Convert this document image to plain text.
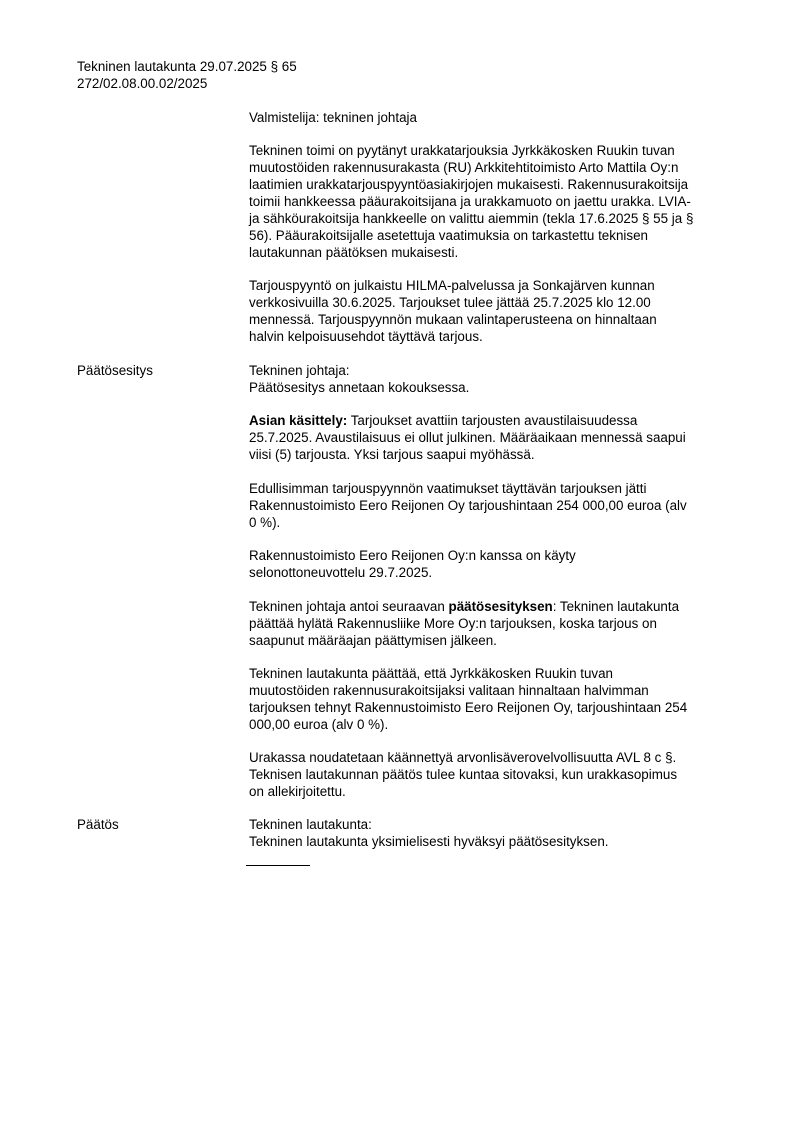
Tekninen lautakunta 29.07.2025 § 65
272/02.08.00.02/2025
Valmistelija: tekninen johtaja
Tekninen toimi on pyytänyt urakkatarjouksia Jyrkkäkosken Ruukin tuvan
muutostöiden rakennusurakasta (RU) Arkkitehtitoimisto Arto Mattila Oy:n
laatimien urakkatarjouspyyntöasiakirjojen mukaisesti. Rakennusurakoitsija
toimii hankkeessa pääurakoitsijana ja urakkamuoto on jaettu urakka. LVIA-
ja sähköurakoitsija hankkeelle on valittu aiemmin (tekla 17.6.2025 § 55 ja §
56). Pääurakoitsijalle asetettuja vaatimuksia on tarkastettu teknisen
lautakunnan päätöksen mukaisesti.
Tarjouspyyntö on julkaistu HILMA-palvelussa ja Sonkajärven kunnan
verkkosivuilla 30.6.2025. Tarjoukset tulee jättää 25.7.2025 klo 12.00
mennessä. Tarjouspyynnön mukaan valintaperusteena on hinnaltaan
halvin kelpoisuusehdot täyttävä tarjous.
Päätösesitys	Tekninen johtaja:
Päätösesitys annetaan kokouksessa.
Asian käsittely: Tarjoukset avattiin tarjousten avaustilaisuudessa
25.7.2025. Avaustilaisuus ei ollut julkinen. Määräaikaan mennessä saapui
viisi (5) tarjousta. Yksi tarjous saapui myöhässä.
Edullisimman tarjouspyynnön vaatimukset täyttävän tarjouksen jätti
Rakennustoimisto Eero Reijonen Oy tarjoushintaan 254 000,00 euroa (alv
0 %).
Rakennustoimisto Eero Reijonen Oy:n kanssa on käyty
selonottoneuvottelu 29.7.2025.
Tekninen johtaja antoi seuraavan päätösesityksen: Tekninen lautakunta
päättää hylätä Rakennusliike More Oy:n tarjouksen, koska tarjous on
saapunut määräajan päättymisen jälkeen.
Tekninen lautakunta päättää, että Jyrkkäkosken Ruukin tuvan
muutostöiden rakennusurakoitsijaksi valitaan hinnaltaan halvimman
tarjouksen tehnyt Rakennustoimisto Eero Reijonen Oy, tarjoushintaan 254
000,00 euroa (alv 0 %).
Urakassa noudatetaan käännettyä arvonlisäverovelvollisuutta AVL 8 c §.
Teknisen lautakunnan päätös tulee kuntaa sitovaksi, kun urakkasopimus
on allekirjoitettu.
Päätös	Tekninen lautakunta:
Tekninen lautakunta yksimielisesti hyväksyi päätösesityksen.
